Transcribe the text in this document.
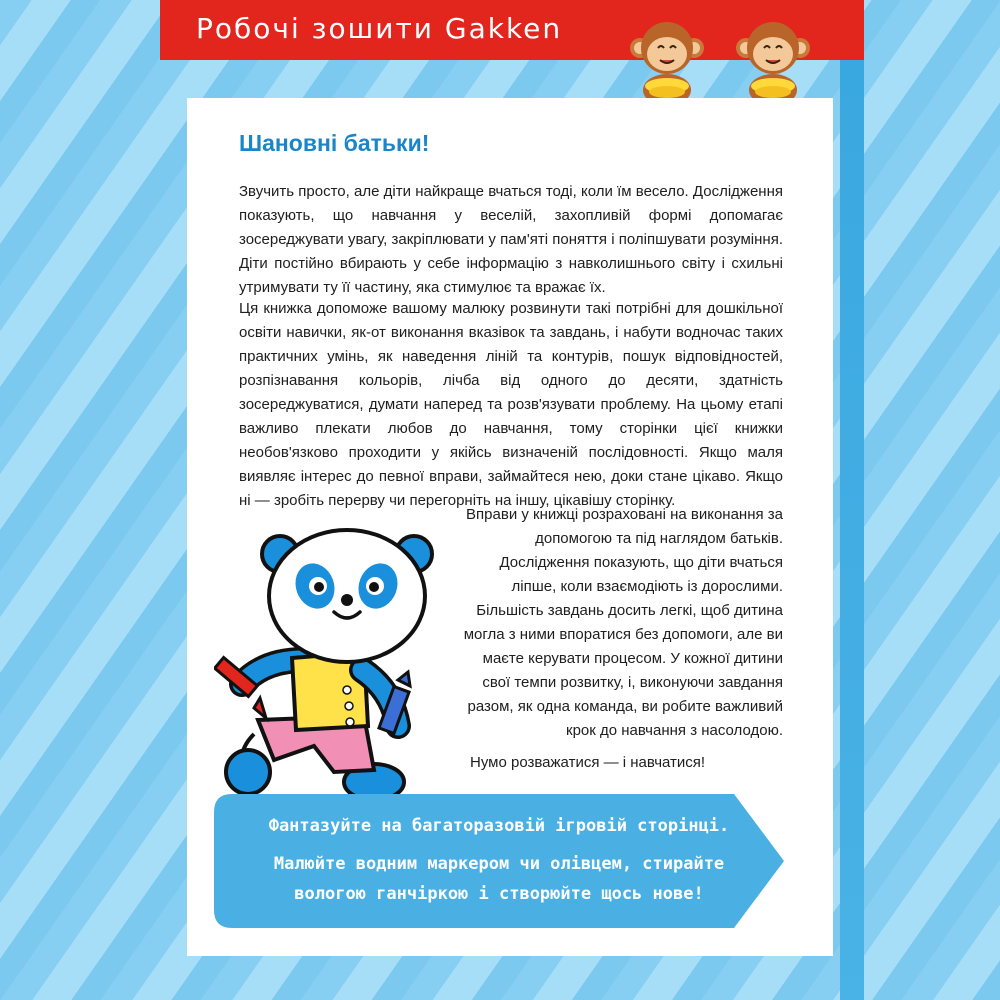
Робочі зошити Gakken
Шановні батьки!

Звучить просто, але діти найкраще вчаться тоді, коли їм весело. Дослідження показують, що навчання у веселій, захопливій формі допомагає зосереджувати увагу, закріплювати у пам'яті поняття і поліпшувати розуміння. Діти постійно вбирають у себе інформацію з навколишнього світу і схильні утримувати ту її частину, яка стимулює та вражає їх.

Ця книжка допоможе вашому малюку розвинути такі потрібні для дошкільної освіти навички, як-от виконання вказівок та завдань, і набути водночас таких практичних умінь, як наведення ліній та контурів, пошук відповідностей, розпізнавання кольорів, лічба від одного до десяти, здатність зосереджуватися, думати наперед та розв'язувати проблему. На цьому етапі важливо плекати любов до навчання, тому сторінки цієї книжки необов'язково проходити у якійсь визначеній послідовності. Якщо маля виявляє інтерес до певної вправи, займайтеся нею, доки стане цікаво. Якщо ні — зробіть перерву чи перегорніть на іншу, цікавішу сторінку.

Вправи у книжці розраховані на виконання за допомогою та під наглядом батьків. Дослідження показують, що діти вчаться ліпше, коли взаємодіють із дорослими. Більшість завдань досить легкі, щоб дитина могла з ними впоратися без допомоги, але ви маєте керувати процесом. У кожної дитини свої темпи розвитку, і, виконуючи завдання разом, як одна команда, ви робите важливий крок до навчання з насолодою.

Нумо розважатися — і навчатися!

Фантазуйте на багаторазовій ігровій сторінці.
Малюйте водним маркером чи олівцем, стирайте
вологою ганчіркою і створюйте щось нове!
